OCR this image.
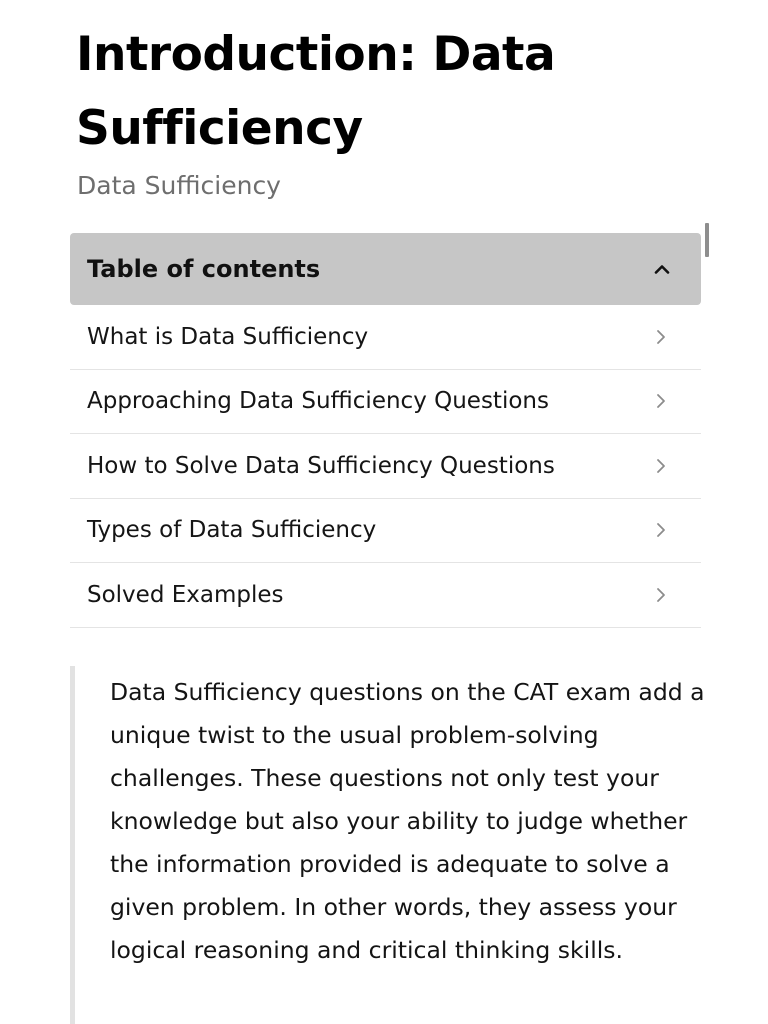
Introduction: Data Sufficiency
Data Sufficiency
Table of contents
What is Data Sufficiency
Approaching Data Sufficiency Questions
How to Solve Data Sufficiency Questions
Types of Data Sufficiency
Solved Examples

Data Sufficiency questions on the CAT exam add a unique twist to the usual problem-solving challenges. These questions not only test your knowledge but also your ability to judge whether the information provided is adequate to solve a given problem. In other words, they assess your logical reasoning and critical thinking skills.
